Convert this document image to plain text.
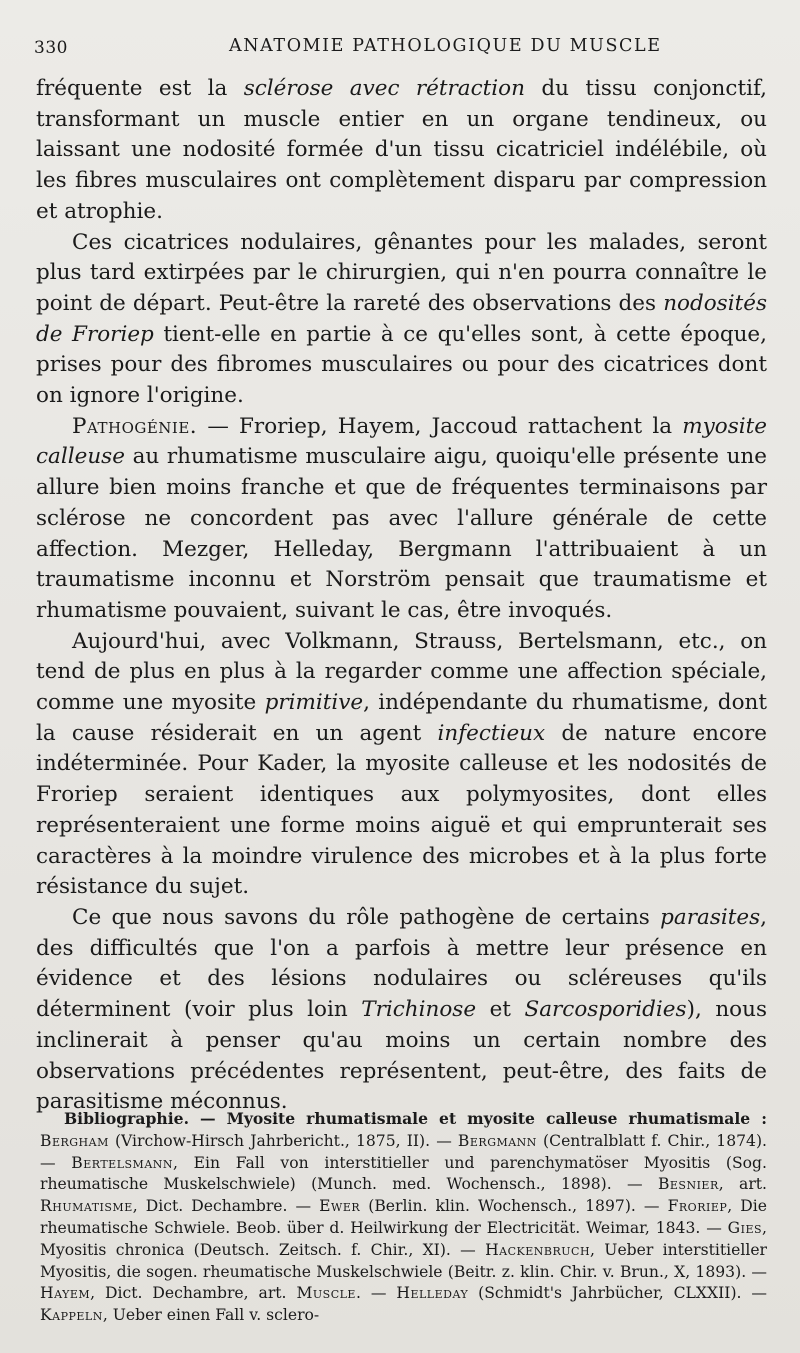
330	ANATOMIE PATHOLOGIQUE DU MUSCLE

fréquente est la sclérose avec rétraction du tissu conjonctif, transformant un muscle entier en un organe tendineux, ou laissant une nodosité formée d'un tissu cicatriciel indélébile, où les fibres musculaires ont complètement disparu par compression et atrophie.

Ces cicatrices nodulaires, gênantes pour les malades, seront plus tard extirpées par le chirurgien, qui n'en pourra connaître le point de départ. Peut-être la rareté des observations des nodosités de Froriep tient-elle en partie à ce qu'elles sont, à cette époque, prises pour des fibromes musculaires ou pour des cicatrices dont on ignore l'origine.

Pathogénie. — Froriep, Hayem, Jaccoud rattachent la myosite calleuse au rhumatisme musculaire aigu, quoiqu'elle présente une allure bien moins franche et que de fréquentes terminaisons par sclérose ne concordent pas avec l'allure générale de cette affection. Mezger, Helleday, Bergmann l'attribuaient à un traumatisme inconnu et Norström pensait que traumatisme et rhumatisme pouvaient, suivant le cas, être invoqués.

Aujourd'hui, avec Volkmann, Strauss, Bertelsmann, etc., on tend de plus en plus à la regarder comme une affection spéciale, comme une myosite primitive, indépendante du rhumatisme, dont la cause résiderait en un agent infectieux de nature encore indéterminée. Pour Kader, la myosite calleuse et les nodosités de Froriep seraient identiques aux polymyosites, dont elles représenteraient une forme moins aiguë et qui emprunterait ses caractères à la moindre virulence des microbes et à la plus forte résistance du sujet.

Ce que nous savons du rôle pathogène de certains parasites, des difficultés que l'on a parfois à mettre leur présence en évidence et des lésions nodulaires ou scléreuses qu'ils déterminent (voir plus loin Trichinose et Sarcosporidies), nous inclinerait à penser qu'au moins un certain nombre des observations précédentes représentent, peut-être, des faits de parasitisme méconnus.

Bibliographie. — Myosite rhumatismale et myosite calleuse rhumatismale : Bergham (Virchow-Hirsch Jahrbericht., 1875, II). — Bergmann (Centralblatt f. Chir., 1874). — Bertelsmann, Ein Fall von interstitieller und parenchymatöser Myositis (Sog. rheumatische Muskelschwiele) (Munch. med. Wochensch., 1898). — Besnier, art. Rhumatisme, Dict. Dechambre. — Ewer (Berlin. klin. Wochensch., 1897). — Froriep, Die rheumatische Schwiele. Beob. über d. Heilwirkung der Electricität. Weimar, 1843. — Gies, Myositis chronica (Deutsch. Zeitsch. f. Chir., XI). — Hackenbruch, Ueber interstitieller Myositis, die sogen. rheumatische Muskelschwiele (Beitr. z. klin. Chir. v. Brun., X, 1893). — Hayem, Dict. Dechambre, art. Muscle. — Helleday (Schmidt's Jahrbücher, CLXXII). — Kappeln, Ueber einen Fall v. sclero-
